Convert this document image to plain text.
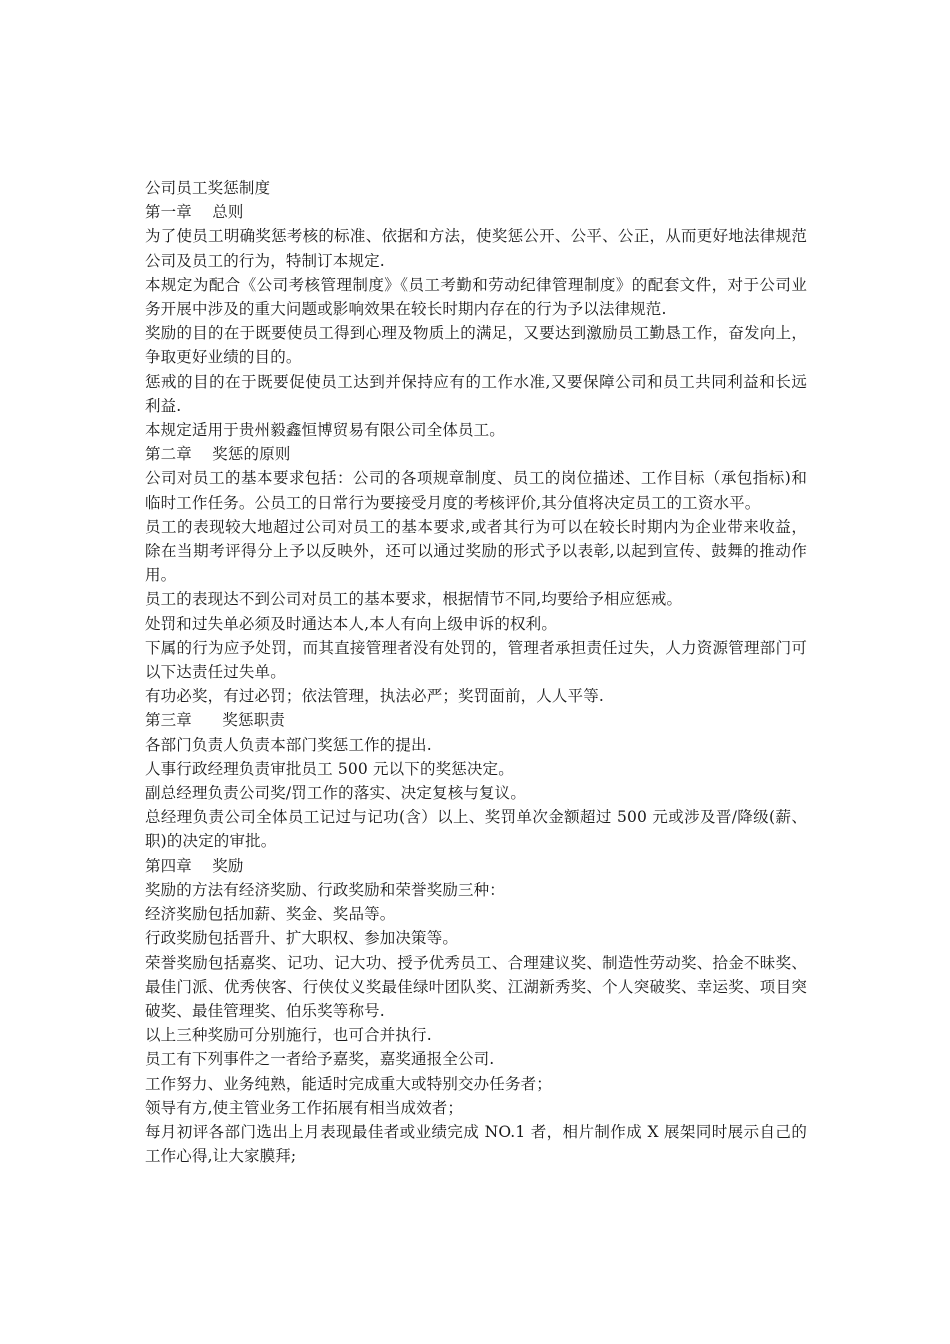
公司员工奖惩制度

第一章    总则

为了使员工明确奖惩考核的标准、依据和方法，使奖惩公开、公平、公正，从而更好地法律规范公司及员工的行为，特制订本规定.

本规定为配合《公司考核管理制度》《员工考勤和劳动纪律管理制度》的配套文件，对于公司业务开展中涉及的重大问题或影响效果在较长时期内存在的行为予以法律规范.

奖励的目的在于既要使员工得到心理及物质上的满足，又要达到激励员工勤恳工作，奋发向上，争取更好业绩的目的。

惩戒的目的在于既要促使员工达到并保持应有的工作水准,又要保障公司和员工共同利益和长远利益.

本规定适用于贵州毅鑫恒博贸易有限公司全体员工。

第二章    奖惩的原则

公司对员工的基本要求包括：公司的各项规章制度、员工的岗位描述、工作目标（承包指标)和临时工作任务。公员工的日常行为要接受月度的考核评价,其分值将决定员工的工资水平。

员工的表现较大地超过公司对员工的基本要求,或者其行为可以在较长时期内为企业带来收益，除在当期考评得分上予以反映外，还可以通过奖励的形式予以表彰,以起到宣传、鼓舞的推动作用。

员工的表现达不到公司对员工的基本要求，根据情节不同,均要给予相应惩戒。

处罚和过失单必须及时通达本人,本人有向上级申诉的权利。

下属的行为应予处罚，而其直接管理者没有处罚的，管理者承担责任过失，人力资源管理部门可以下达责任过失单。

有功必奖，有过必罚；依法管理，执法必严；奖罚面前，人人平等.

第三章      奖惩职责

各部门负责人负责本部门奖惩工作的提出.

人事行政经理负责审批员工 500 元以下的奖惩决定。

副总经理负责公司奖/罚工作的落实、决定复核与复议。

总经理负责公司全体员工记过与记功(含）以上、奖罚单次金额超过 500 元或涉及晋/降级(薪、职)的决定的审批。

第四章    奖励

奖励的方法有经济奖励、行政奖励和荣誉奖励三种：

经济奖励包括加薪、奖金、奖品等。

行政奖励包括晋升、扩大职权、参加决策等。

荣誉奖励包括嘉奖、记功、记大功、授予优秀员工、合理建议奖、制造性劳动奖、拾金不昧奖、最佳门派、优秀侠客、行侠仗义奖最佳绿叶团队奖、江湖新秀奖、个人突破奖、幸运奖、项目突破奖、最佳管理奖、伯乐奖等称号.

以上三种奖励可分别施行，也可合并执行.

员工有下列事件之一者给予嘉奖，嘉奖通报全公司.

工作努力、业务纯熟，能适时完成重大或特别交办任务者；

领导有方,使主管业务工作拓展有相当成效者；

每月初评各部门选出上月表现最佳者或业绩完成 NO.1 者，相片制作成 X 展架同时展示自己的工作心得,让大家膜拜;
